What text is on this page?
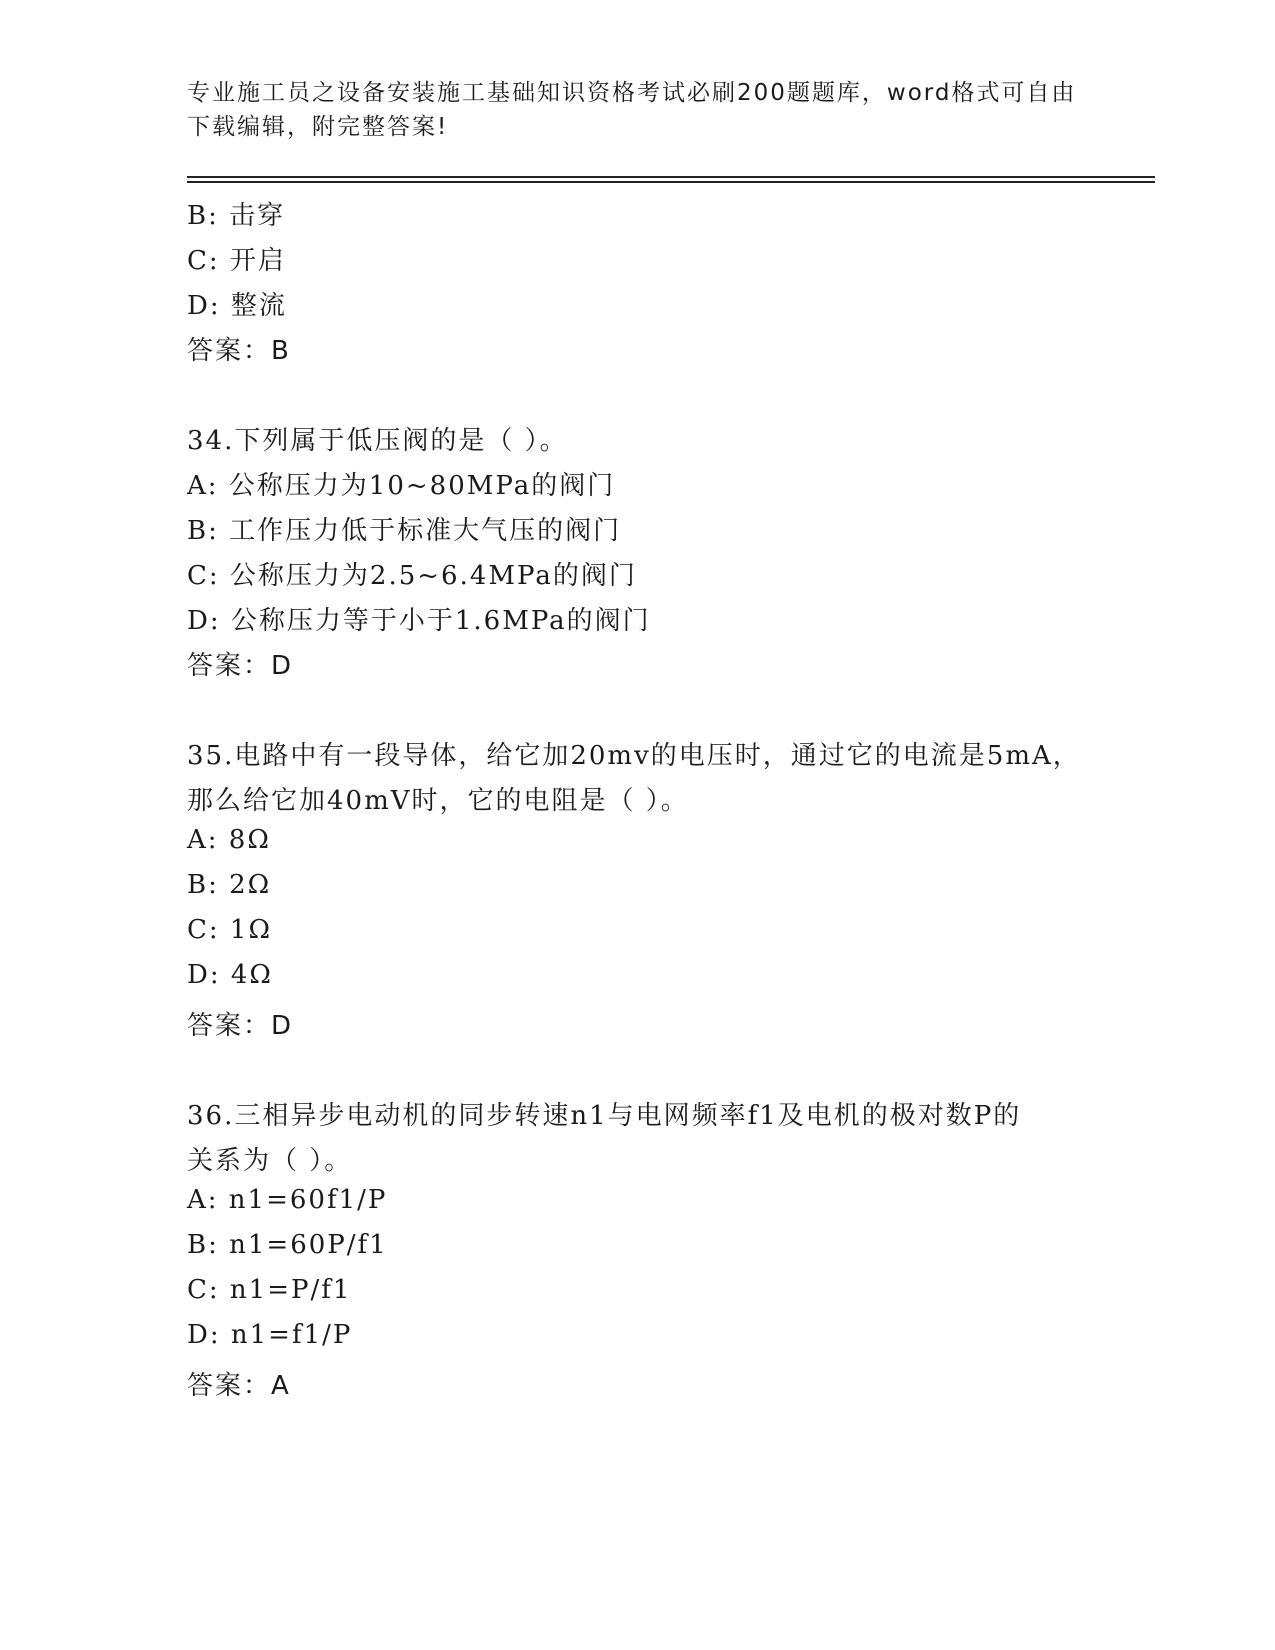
专业施工员之设备安装施工基础知识资格考试必刷200题题库，word格式可自由
下载编辑，附完整答案!
B: 击穿
C: 开启
D: 整流
答案：B
34.下列属于低压阀的是（ ）。
A: 公称压力为10~80MPa的阀门
B: 工作压力低于标准大气压的阀门
C: 公称压力为2.5~6.4MPa的阀门
D: 公称压力等于小于1.6MPa的阀门
答案：D
35.电路中有一段导体，给它加20mv的电压时，通过它的电流是5mA，
那么给它加40mV时，它的电阻是（ ）。
A: 8Ω
B: 2Ω
C: 1Ω
D: 4Ω
答案：D
36.三相异步电动机的同步转速n1与电网频率f1及电机的极对数P的
关系为（ ）。
A: n1=60f1/P
B: n1=60P/f1
C: n1=P/f1
D: n1=f1/P
答案：A
